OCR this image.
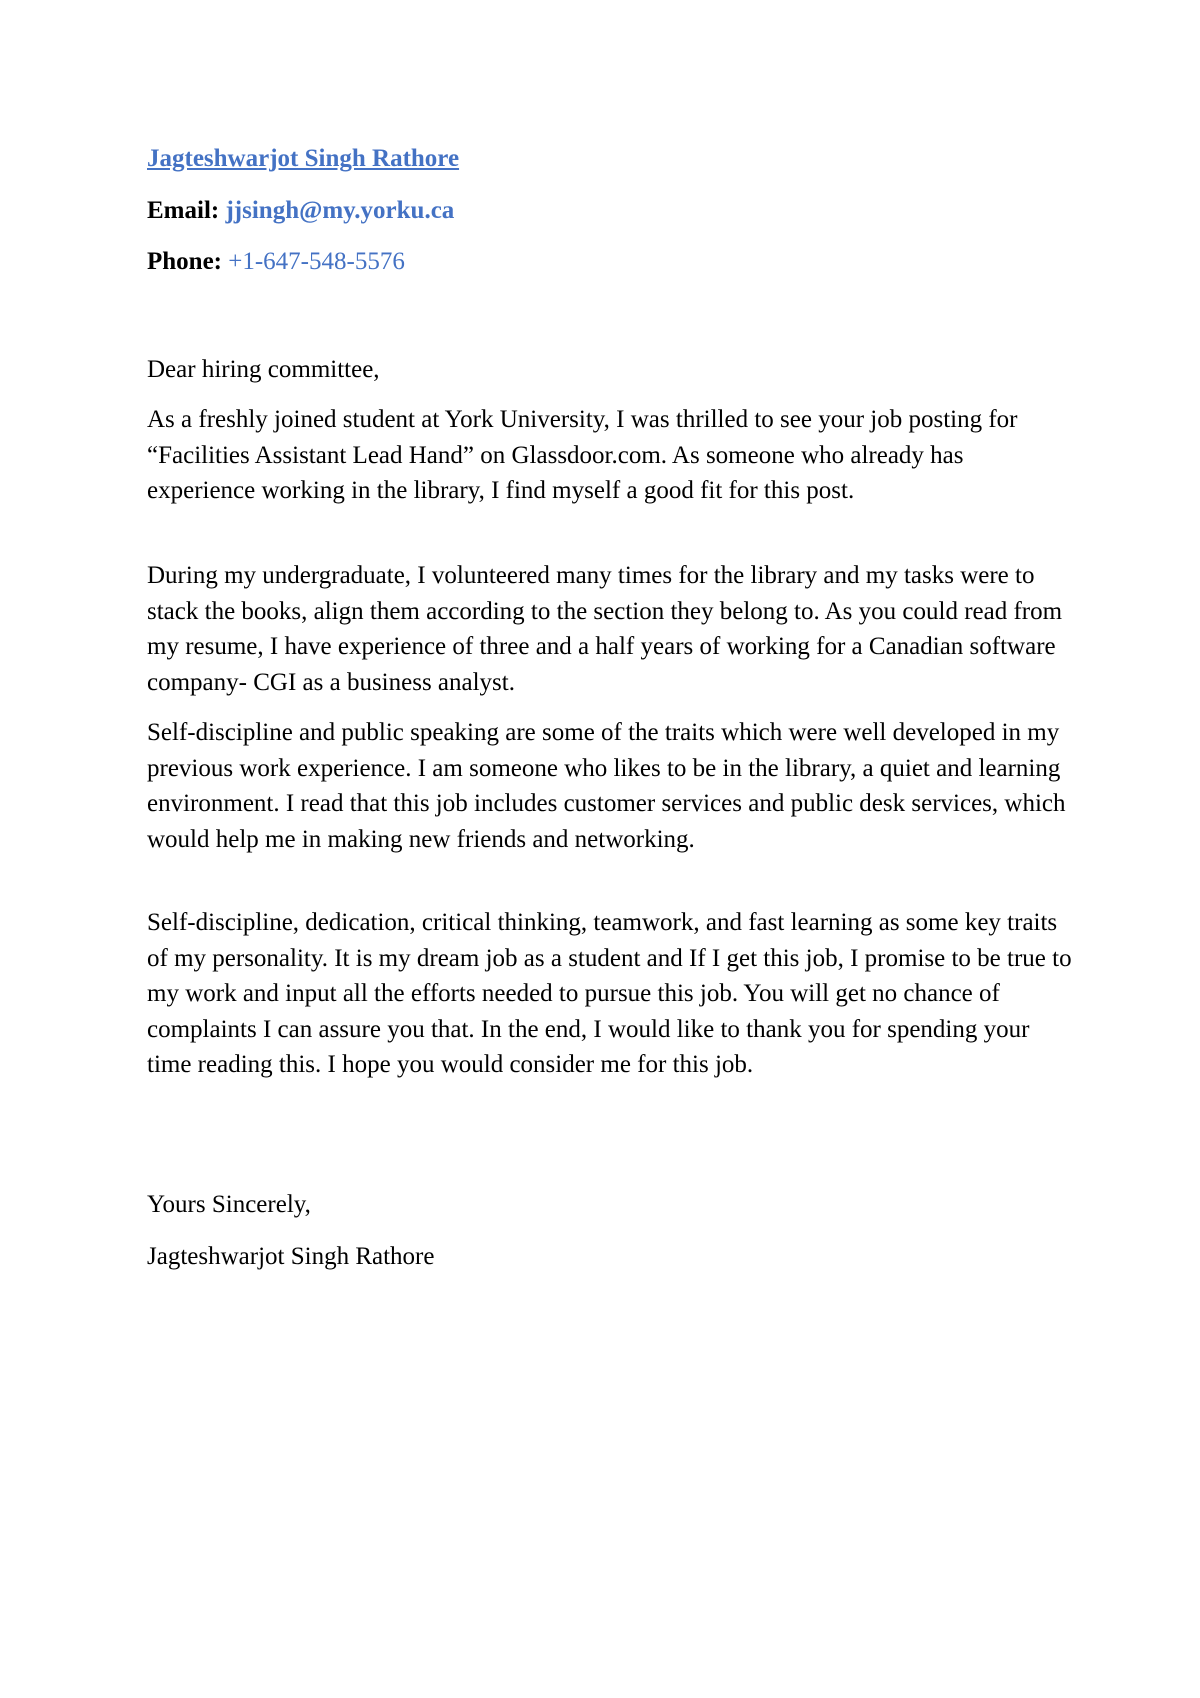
Jagteshwarjot Singh Rathore
Email: jjsingh@my.yorku.ca
Phone: +1-647-548-5576

Dear hiring committee,

As a freshly joined student at York University, I was thrilled to see your job posting for “Facilities Assistant Lead Hand” on Glassdoor.com. As someone who already has experience working in the library, I find myself a good fit for this post.

During my undergraduate, I volunteered many times for the library and my tasks were to stack the books, align them according to the section they belong to. As you could read from my resume, I have experience of three and a half years of working for a Canadian software company- CGI as a business analyst.

Self-discipline and public speaking are some of the traits which were well developed in my previous work experience. I am someone who likes to be in the library, a quiet and learning environment. I read that this job includes customer services and public desk services, which would help me in making new friends and networking.

Self-discipline, dedication, critical thinking, teamwork, and fast learning as some key traits of my personality. It is my dream job as a student and If I get this job, I promise to be true to my work and input all the efforts needed to pursue this job. You will get no chance of complaints I can assure you that. In the end, I would like to thank you for spending your time reading this. I hope you would consider me for this job.

Yours Sincerely,

Jagteshwarjot Singh Rathore
